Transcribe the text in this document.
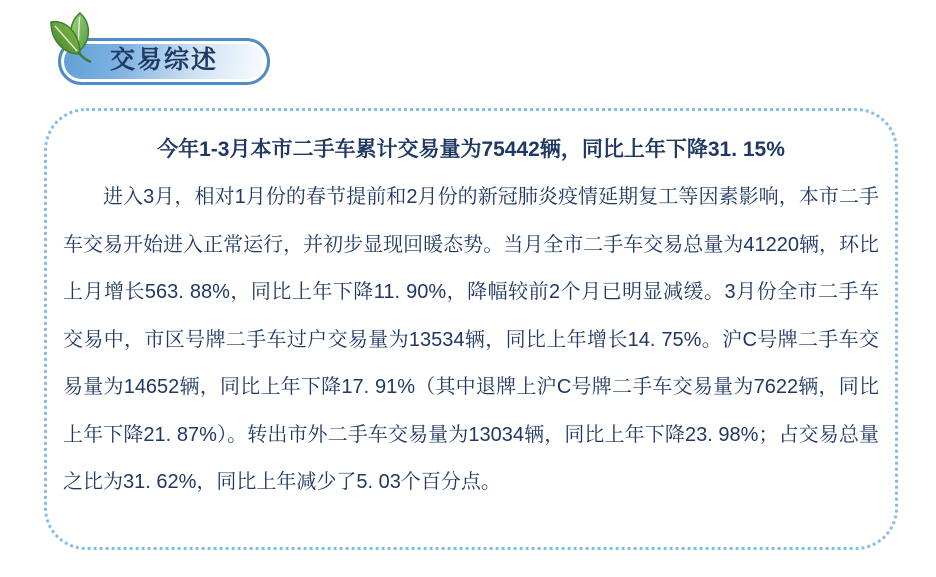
交易综述
今年1-3月本市二手车累计交易量为75442辆，同比上年下降31. 15%
进入3月，相对1月份的春节提前和2月份的新冠肺炎疫情延期复工等因素影响，本市二手车交易开始进入正常运行，并初步显现回暖态势。当月全市二手车交易总量为41220辆，环比上月增长563. 88%，同比上年下降11. 90%，降幅较前2个月已明显减缓。3月份全市二手车交易中，市区号牌二手车过户交易量为13534辆，同比上年增长14. 75%。沪C号牌二手车交易量为14652辆，同比上年下降17. 91%（其中退牌上沪C号牌二手车交易量为7622辆，同比上年下降21. 87%）。转出市外二手车交易量为13034辆，同比上年下降23. 98%；占交易总量之比为31. 62%，同比上年减少了5. 03个百分点。
